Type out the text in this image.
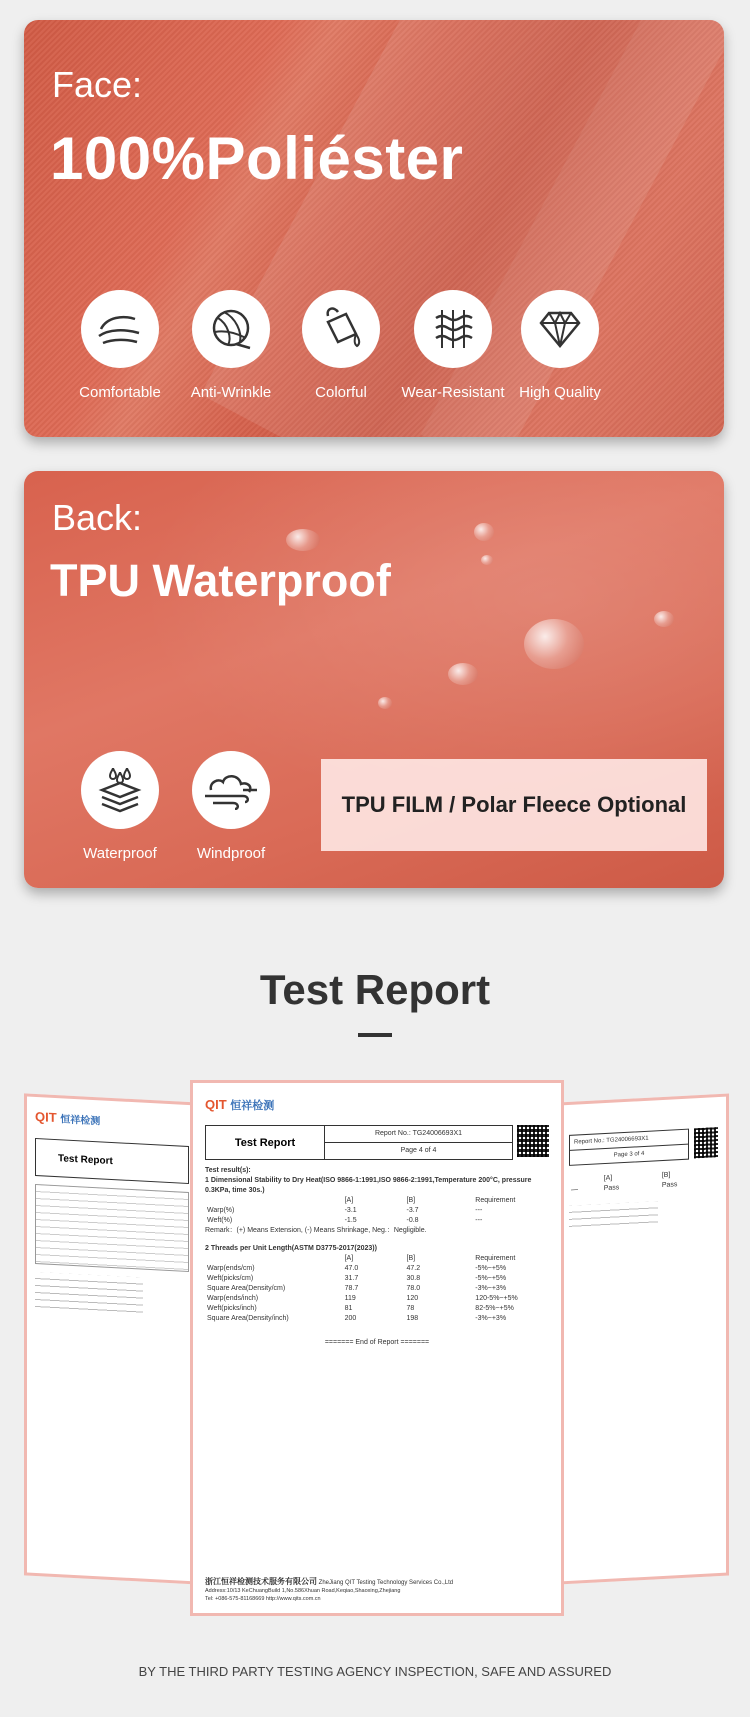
Face:
100%Poliéster
Comfortable	Anti-Wrinkle	Colorful	Wear-Resistant High Quality
Back:
TPU Waterproof
Waterproof	Windproof
TPU FILM / Polar Fleece Optional
Test Report
QIT 恒祥检测
Test Report
Report No.: TG24006693X1
Page 3 of 4
	[A]	[B]
—	Pass	Pass
QIT 恒祥检测
Test Report
Report No.: TG24006693X1
Page 4 of 4
Test result(s):
1 Dimensional Stability to Dry Heat(ISO 9866-1:1991,ISO 9866-2:1991,Temperature 200°C, pressure 0.3KPa, time 30s.)
	[A]	[B]	Requirement
Warp(%)	-3.1	-3.7	---
Weft(%)	-1.5	-0.8	---
Remark：(+) Means Extension, (-) Means Shrinkage, Neg.：Negligible.
2 Threads per Unit Length(ASTM D3775-2017(2023))
	[A]	[B]	Requirement
Warp(ends/cm)	47.0	47.2	-5%~+5%
Weft(picks/cm)	31.7	30.8	-5%~+5%
Square Area(Density/cm)	78.7	78.0	-3%~+3%
Warp(ends/inch)	119	120	120-5%~+5%
Weft(picks/inch)	81	78	82-5%~+5%
Square Area(Density/inch)	200	198	-3%~+3%
======= End of Report =======
浙江恒祥检测技术服务有限公司 ZheJiang QIT Testing Technology Services Co.,Ltd
Address:10/13 KeChuangBuild 1,No.586Xhuan Road,Keqiao,Shaoxing,Zhejiang
Tel: +086-575-81168669 http://www.qits.com.cn
BY THE THIRD PARTY TESTING AGENCY INSPECTION, SAFE AND ASSURED
